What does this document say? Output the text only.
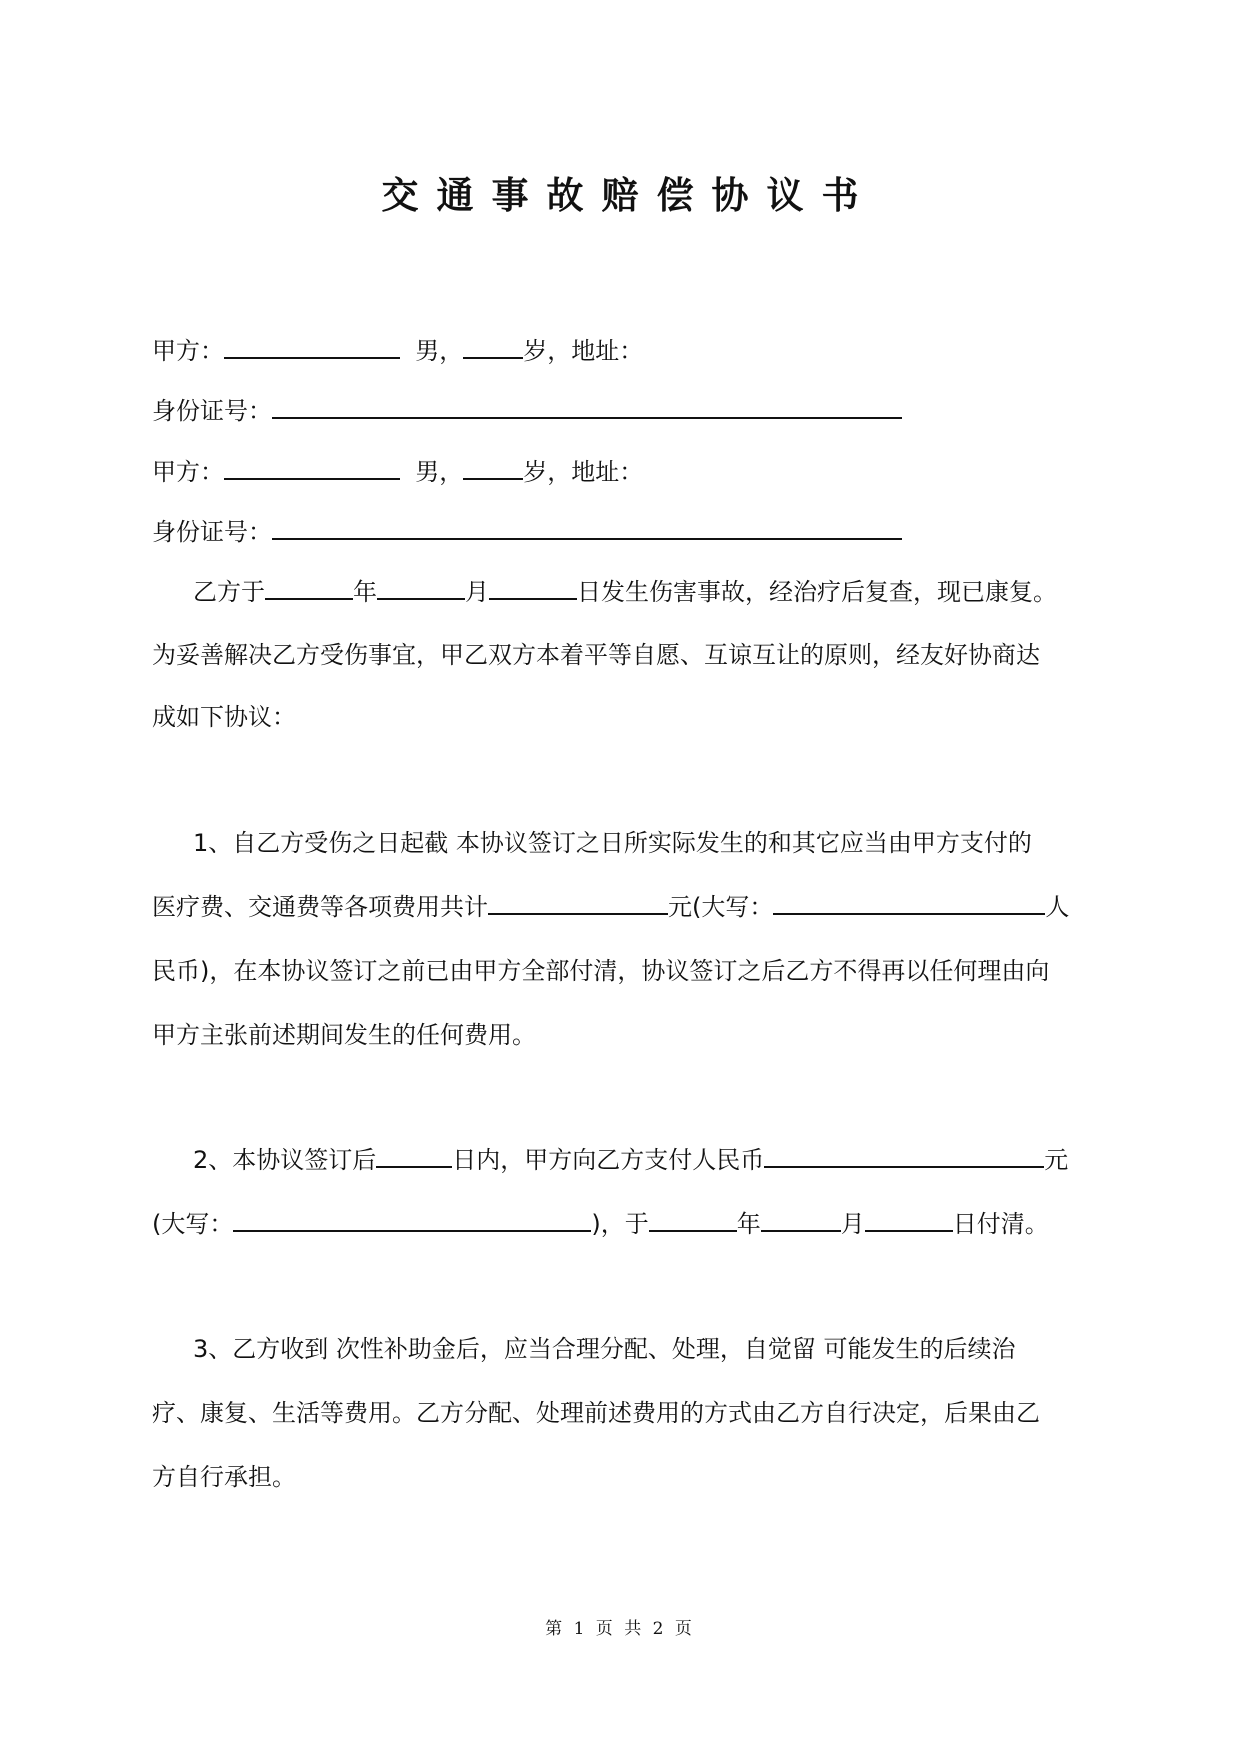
交通事故赔偿协议书
甲方：	男，	岁，地址：
身份证号：
甲方：	男，	岁，地址：
身份证号：
乙方于	年	月	日发生伤害事故，经治疗后复查，现已康复。
为妥善解决乙方受伤事宜，甲乙双方本着平等自愿、互谅互让的原则，经友好协商达
成如下协议：
1、自乙方受伤之日起截 本协议签订之日所实际发生的和其它应当由甲方支付的
医疗费、交通费等各项费用共计	元(大写：	人
民币)，在本协议签订之前已由甲方全部付清，协议签订之后乙方不得再以任何理由向
甲方主张前述期间发生的任何费用。
2、本协议签订后	日内，甲方向乙方支付人民币	元
(大写：	)，于	年	月	日付清。
3、乙方收到 次性补助金后，应当合理分配、处理，自觉留 可能发生的后续治
疗、康复、生活等费用。乙方分配、处理前述费用的方式由乙方自行决定，后果由乙
方自行承担。
第 1 页 共 2 页
